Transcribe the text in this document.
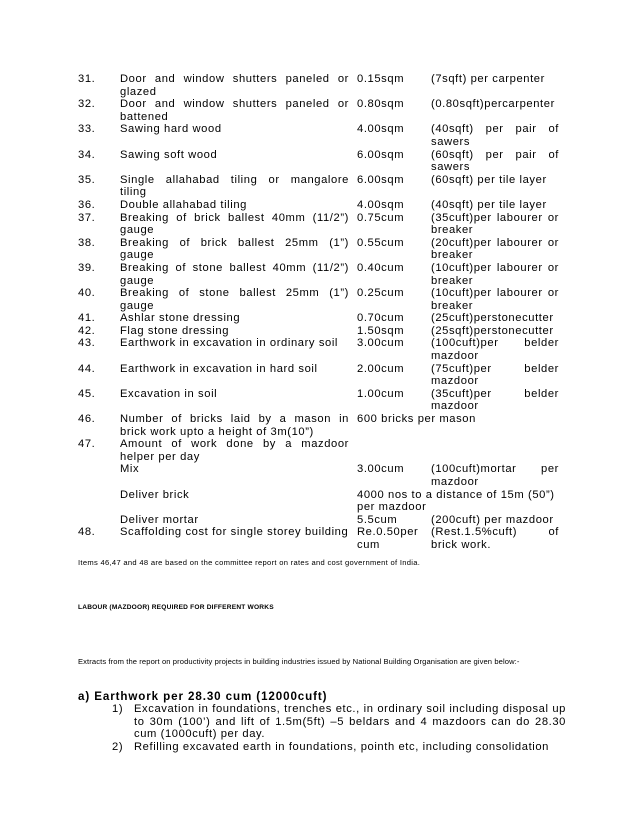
31.	Door and window shutters paneled or glazed	0.15sqm	(7sqft) per carpenter
32.	Door and window shutters paneled or battened	0.80sqm	(0.80sqft)percarpenter
33.	Sawing hard wood	4.00sqm	(40sqft) per pair of sawers
34.	Sawing soft wood	6.00sqm	(60sqft) per pair of sawers
35.	Single allahabad tiling or mangalore tiling	6.00sqm	(60sqft) per tile layer
36.	Double allahabad tiling	4.00sqm	(40sqft) per tile layer
37.	Breaking of brick ballest 40mm (11/2”) gauge	0.75cum	(35cuft)per labourer or breaker
38.	Breaking of brick ballest 25mm (1”) gauge	0.55cum	(20cuft)per labourer or breaker
39.	Breaking of stone ballest 40mm (11/2”) gauge	0.40cum	(10cuft)per labourer or breaker
40.	Breaking of stone ballest 25mm (1”) gauge	0.25cum	(10cuft)per labourer or breaker
41.	Ashlar stone dressing	0.70cum	(25cuft)perstonecutter
42.	Flag stone dressing	1.50sqm	(25sqft)perstonecutter
43.	Earthwork in excavation in ordinary soil	3.00cum	(100cuft)per belder mazdoor
44.	Earthwork in excavation in hard soil	2.00cum	(75cuft)per belder mazdoor
45.	Excavation in soil	1.00cum	(35cuft)per belder mazdoor
46.	Number of bricks laid by a mason in brick work upto a height of 3m(10”)	600 bricks per mason	
47.	Amount of work done by a mazdoor helper per day		
	Mix	3.00cum	(100cuft)mortar per mazdoor
	Deliver brick	4000 nos to a distance of 15m (50”) per mazdoor	
	Deliver mortar	5.5cum	(200cuft) per mazdoor
48.	Scaffolding cost for single storey building	Re.0.50per cum	(Rest.1.5%cuft) of brick work.
Items 46,47 and 48 are based on the committee report on rates and cost government of India.
LABOUR (MAZDOOR) REQUIRED FOR DIFFERENT WORKS
Extracts from the report on productivity projects in building industries issued by National Building Organisation are given below:-
a) Earthwork per 28.30 cum (12000cuft)
1) Excavation in foundations, trenches etc., in ordinary soil including disposal up to 30m (100’) and lift of 1.5m(5ft) –5 beldars and 4 mazdoors can do 28.30 cum (1000cuft) per day.
2) Refilling excavated earth in foundations, pointh etc, including consolidation
